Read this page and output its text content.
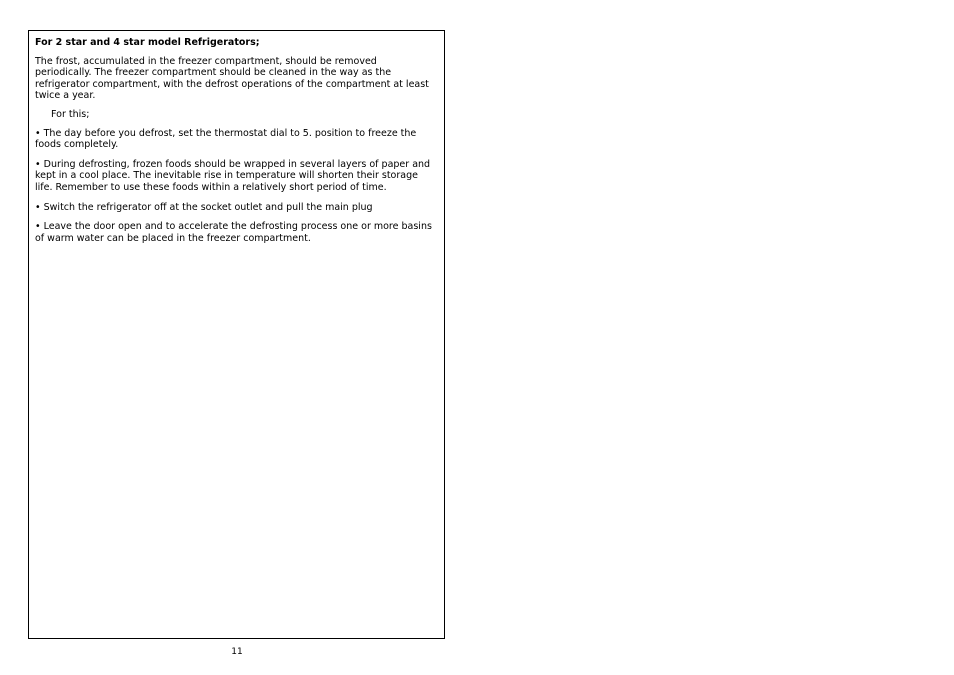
For 2 star and 4 star model Refrigerators;

The frost, accumulated in the freezer compartment, should be removed periodically. The freezer compartment should be cleaned in the way as the refrigerator compartment, with the defrost operations of the compartment at least twice a year.

For this;

• The day before you defrost, set the thermostat dial to 5. position to freeze the foods completely.

• During defrosting, frozen foods should be wrapped in several layers of paper and kept in a cool place. The inevitable rise in temperature will shorten their storage life. Remember to use these foods within a relatively short period of time.

• Switch the refrigerator off at the socket outlet and pull the main plug

• Leave the door open and to accelerate the defrosting process one or more basins of warm water can be placed in the freezer compartment.

11
